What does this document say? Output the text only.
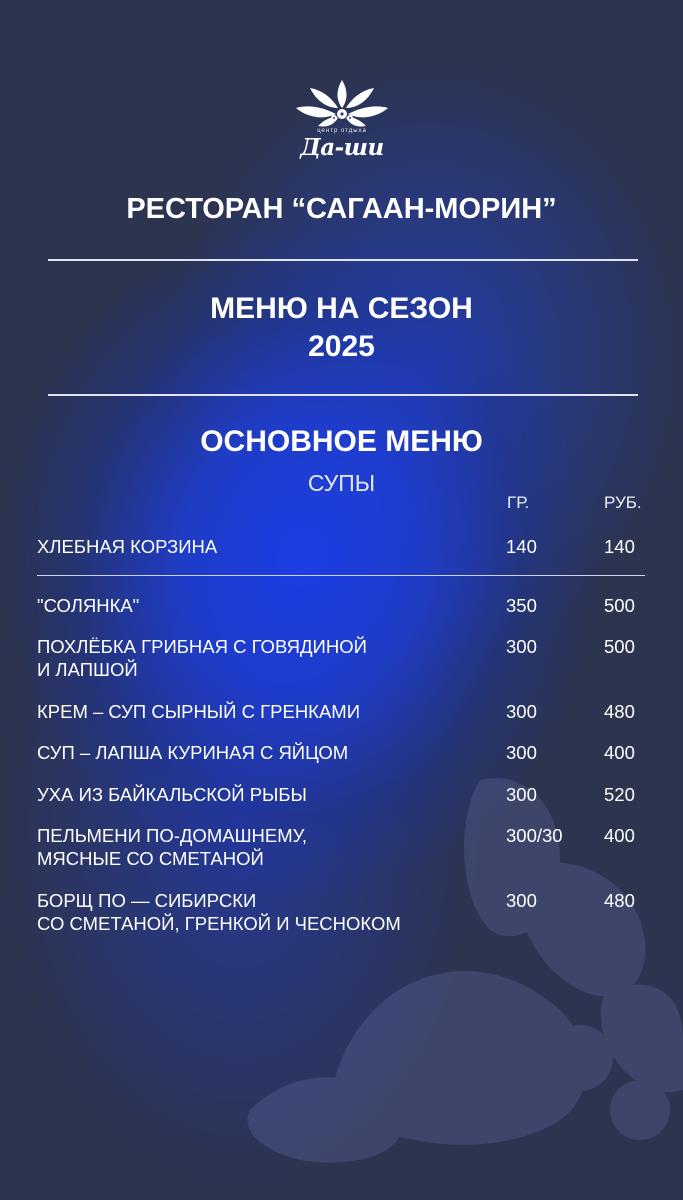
центр отдыха
Да-ши
РЕСТОРАН “САГААН-МОРИН”
МЕНЮ НА СЕЗОН
2025
ОСНОВНОЕ МЕНЮ
СУПЫ
ГР.	РУБ.
ХЛЕБНАЯ КОРЗИНА	140	140
"СОЛЯНКА"	350	500
ПОХЛЁБКА ГРИБНАЯ С ГОВЯДИНОЙ
И ЛАПШОЙ
300	500
КРЕМ – СУП СЫРНЫЙ С ГРЕНКАМИ	300	480
СУП – ЛАПША КУРИНАЯ С ЯЙЦОМ	300	400
УХА ИЗ БАЙКАЛЬСКОЙ РЫБЫ	300	520
ПЕЛЬМЕНИ ПО-ДОМАШНЕМУ,
МЯСНЫЕ СО СМЕТАНОЙ
300/30 400
БОРЩ ПО — СИБИРСКИ
СО СМЕТАНОЙ, ГРЕНКОЙ И ЧЕСНОКОМ
300	480
